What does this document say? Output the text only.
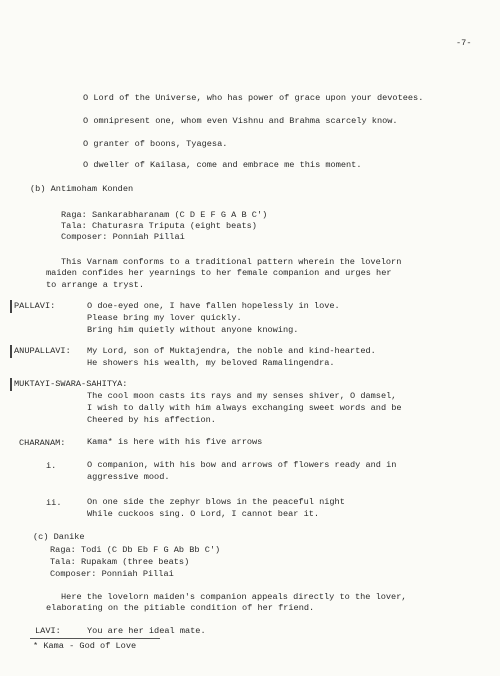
-7-
O Lord of the Universe, who has power of grace upon your devotees.
O omnipresent one, whom even Vishnu and Brahma scarcely know.
O granter of boons, Tyagesa.
O dweller of Kailasa, come and embrace me this moment.
(b) Antimoham Konden
Raga: Sankarabharanam (C D E F G A B C')
Tala: Chaturasra Triputa (eight beats)
Composer: Ponniah Pillai
This Varnam conforms to a traditional pattern wherein the lovelorn
maiden confides her yearnings to her female companion and urges her
to arrange a tryst.
PALLAVI:	O doe-eyed one, I have fallen hopelessly in love.
Please bring my lover quickly.
Bring him quietly without anyone knowing.
ANUPALLAVI: My Lord, son of Muktajendra, the noble and kind-hearted.
He showers his wealth, my beloved Ramalingendra.
MUKTAYI-SWARA-SAHITYA:
The cool moon casts its rays and my senses shiver, O damsel,
I wish to dally with him always exchanging sweet words and be
Cheered by his affection.
CHARANAM:	Kama* is here with his five arrows
i.	O companion, with his bow and arrows of flowers ready and in
aggressive mood.
ii.	On one side the zephyr blows in the peaceful night
While cuckoos sing. O Lord, I cannot bear it.
(c) Danike
Raga: Todi (C Db Eb F G Ab Bb C')
Tala: Rupakam (three beats)
Composer: Ponniah Pillai
Here the lovelorn maiden's companion appeals directly to the lover,
elaborating on the pitiable condition of her friend.
LAVI:	You are her ideal mate.
* Kama - God of Love
